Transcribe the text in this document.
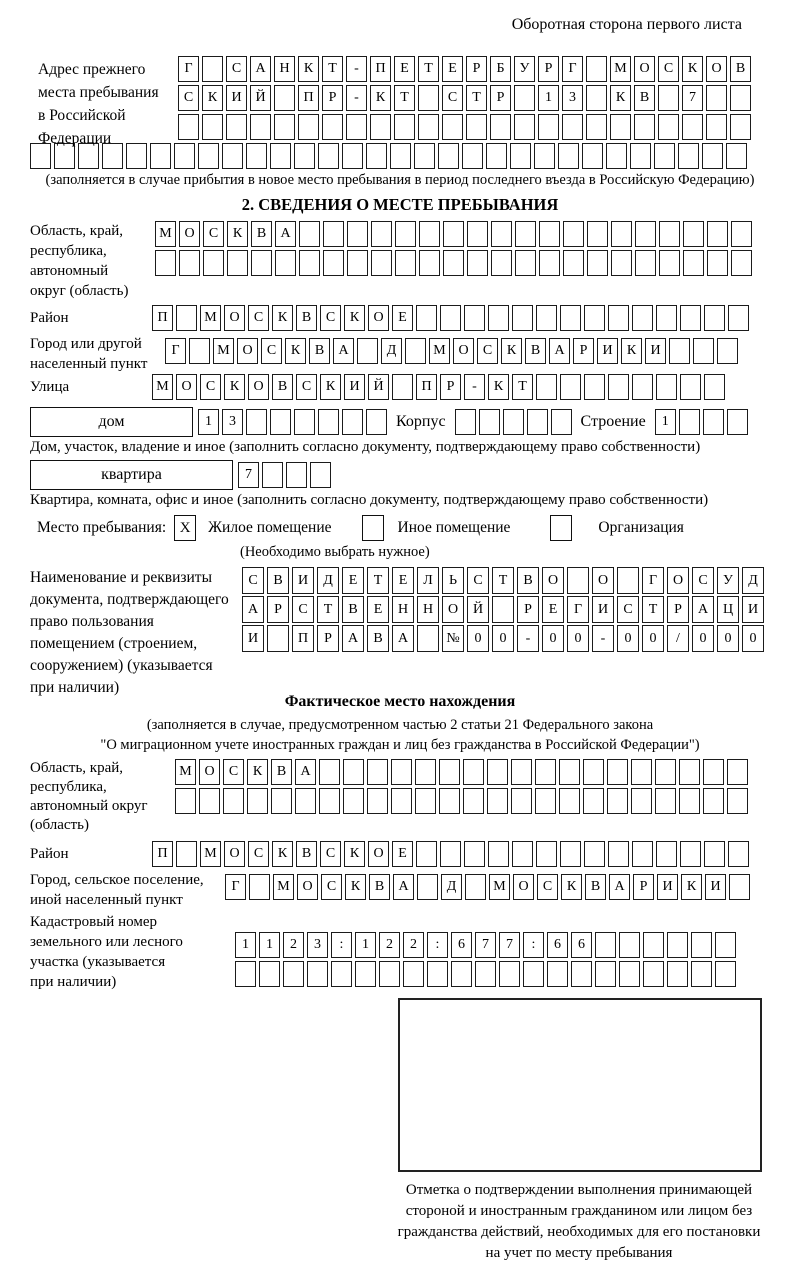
Оборотная сторона первого листа
Адрес прежнего
места пребывания
в Российской
Федерации
Г	С	А Н	К	Т	-	П	Е	Т	Е	Р	Б	У	Р	Г	М О	С	К	О	В
С	К	И Й	П	Р	-	К	Т	С	Т	Р	1	3	К	В	7
(заполняется в случае прибытия в новое место пребывания в период последнего въезда в Российскую Федерацию)
2. СВЕДЕНИЯ О МЕСТЕ ПРЕБЫВАНИЯ
Область, край,
республика,
автономный
округ (область)
М О	С	К	В	А
Район	П	М О	С	К	В	С	К	О	Е
Город или другой
населенный пункт
Г	М О	С	К	В	А	Д	М О	С	К	В	А	Р	И	К	И
Улица	М О	С	К	О	В	С	К	И Й	П	Р	-	К	Т
дом	1	3	Корпус	Строение	1
Дом, участок, владение и иное (заполнить согласно документу, подтверждающему право собственности)
квартира	7
Квартира, комната, офис и иное (заполнить согласно документу, подтверждающему право собственности)
Место пребывания: X	Жилое помещение	Иное помещение	Организация
(Необходимо выбрать нужное)
Наименование и реквизиты
документа, подтверждающего
право пользования
помещением (строением,
сооружением) (указывается
при наличии)
С	В	И	Д	Е	Т	Е	Л	Ь	С	Т	В	О	О	Г	О	С	У	Д
А	Р	С	Т	В	Е	Н	Н	О	Й	Р	Е	Г	И	С	Т	Р	А	Ц	И
И	П	Р	А	В	А	№	0	0	-	0	0	-	0	0	/	0	0	0
Фактическое место нахождения
(заполняется в случае, предусмотренном частью 2 статьи 21 Федерального закона
"О миграционном учете иностранных граждан и лиц без гражданства в Российской Федерации")
Область, край,
республика,
автономный округ
(область)
М О	С	К	В	А
Район	П	М О	С	К	В	С	К	О	Е
Город, сельское поселение,
иной населенный пункт
Г	М О	С	К	В	А	Д	М О	С	К	В	А	Р	И	К	И
Кадастровый номер
земельного или лесного
участка (указывается
при наличии)
1	1	2	3	:	1	2	2	:	6	7	7	:	6	6
Отметка о подтверждении выполнения принимающей стороной и иностранным гражданином или лицом без гражданства действий, необходимых для его постановки на учет по месту пребывания
